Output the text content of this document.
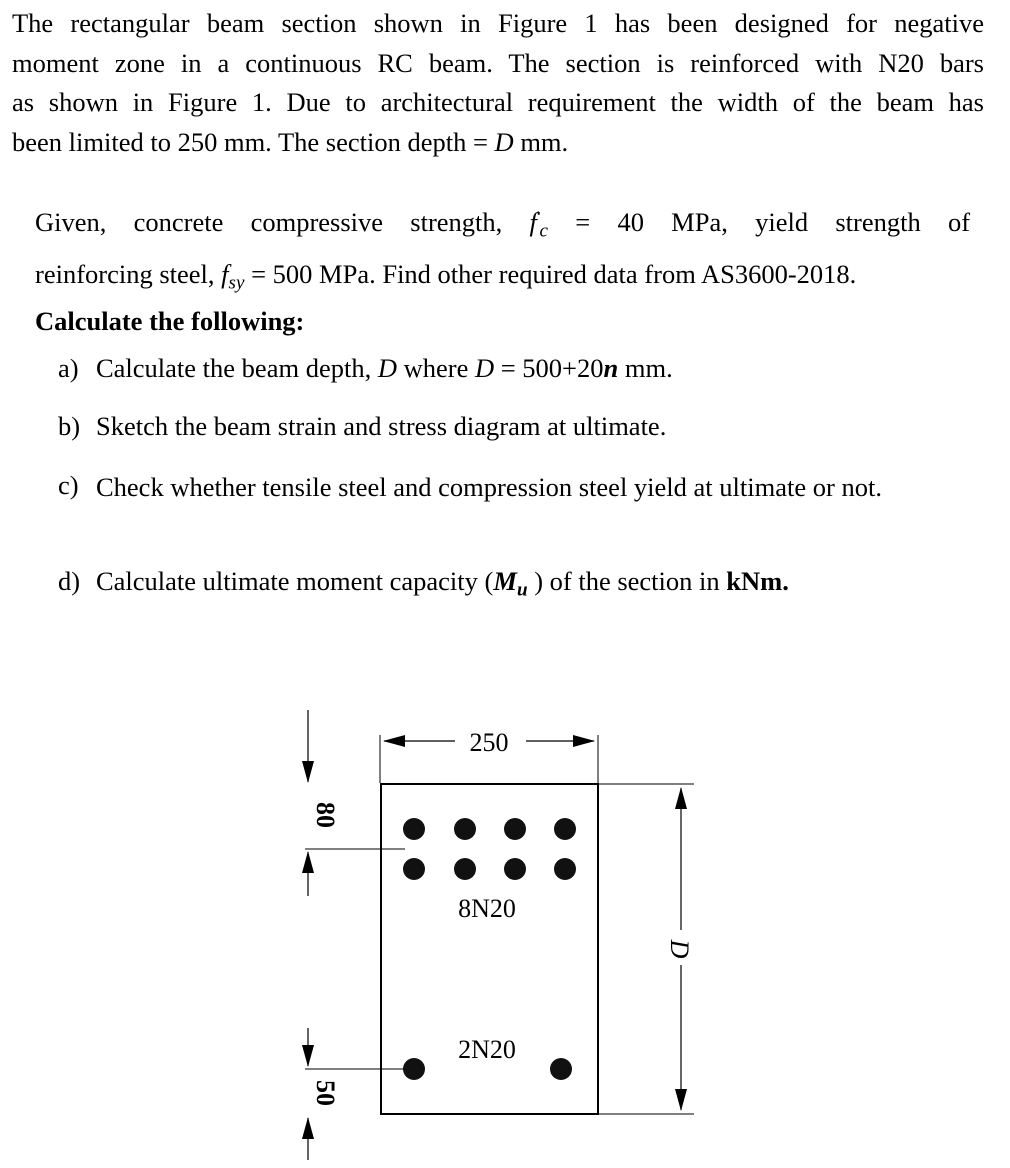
The rectangular beam section shown in Figure 1 has been designed for negative
moment zone in a continuous RC beam. The section is reinforced with N20 bars
as shown in Figure 1. Due to architectural requirement the width of the beam has
been limited to 250 mm. The section depth = D mm.
Given, concrete compressive strength, $f'_c = 40$ MPa, yield strength of
reinforcing steel, $f_{sy} = 500$ MPa. Find other required data from AS3600-2018.
Calculate the following:
a) Calculate the beam depth, D where D = 500+20n mm.
b) Sketch the beam strain and stress diagram at ultimate.
c) Check whether tensile steel and compression steel yield at ultimate or not.
d) Calculate ultimate moment capacity ($M_u$ ) of the section in kNm.
250
8N20
2N20
80
50
D
